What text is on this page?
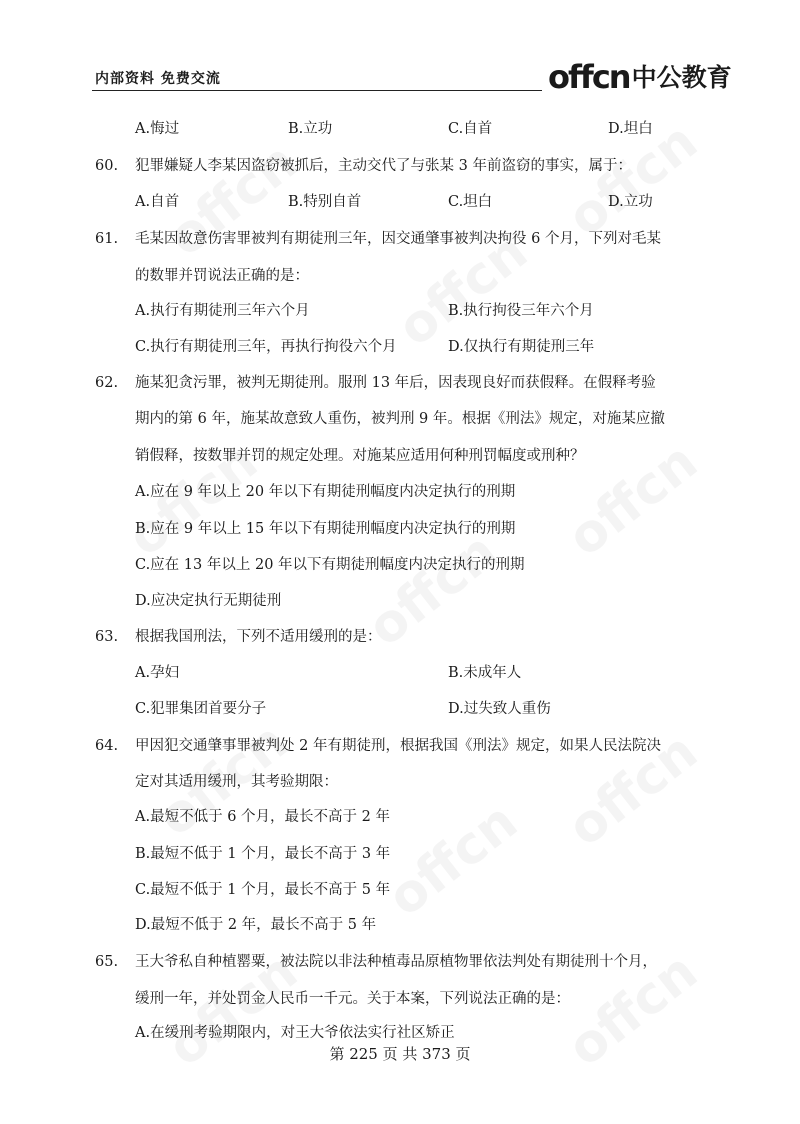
内部资料 免费交流	offcn 中公教育
A.悔过	B.立功	C.自首	D.坦白
60. 犯罪嫌疑人李某因盗窃被抓后，主动交代了与张某 3 年前盗窃的事实，属于：
A.自首	B.特别自首	C.坦白	D.立功
61. 毛某因故意伤害罪被判有期徒刑三年，因交通肇事被判决拘役 6 个月，下列对毛某
的数罪并罚说法正确的是：
A.执行有期徒刑三年六个月	B.执行拘役三年六个月
C.执行有期徒刑三年，再执行拘役六个月	D.仅执行有期徒刑三年
62. 施某犯贪污罪，被判无期徒刑。服刑 13 年后，因表现良好而获假释。在假释考验
期内的第 6 年，施某故意致人重伤，被判刑 9 年。根据《刑法》规定，对施某应撤
销假释，按数罪并罚的规定处理。对施某应适用何种刑罚幅度或刑种？
A.应在 9 年以上 20 年以下有期徒刑幅度内决定执行的刑期
B.应在 9 年以上 15 年以下有期徒刑幅度内决定执行的刑期
C.应在 13 年以上 20 年以下有期徒刑幅度内决定执行的刑期
D.应决定执行无期徒刑
63. 根据我国刑法，下列不适用缓刑的是：
A.孕妇	B.未成年人
C.犯罪集团首要分子	D.过失致人重伤
64. 甲因犯交通肇事罪被判处 2 年有期徒刑，根据我国《刑法》规定，如果人民法院决
定对其适用缓刑，其考验期限：
A.最短不低于 6 个月，最长不高于 2 年
B.最短不低于 1 个月，最长不高于 3 年
C.最短不低于 1 个月，最长不高于 5 年
D.最短不低于 2 年，最长不高于 5 年
65. 王大爷私自种植罂粟，被法院以非法种植毒品原植物罪依法判处有期徒刑十个月，
缓刑一年，并处罚金人民币一千元。关于本案，下列说法正确的是：
A.在缓刑考验期限内，对王大爷依法实行社区矫正
第 225 页 共 373 页
